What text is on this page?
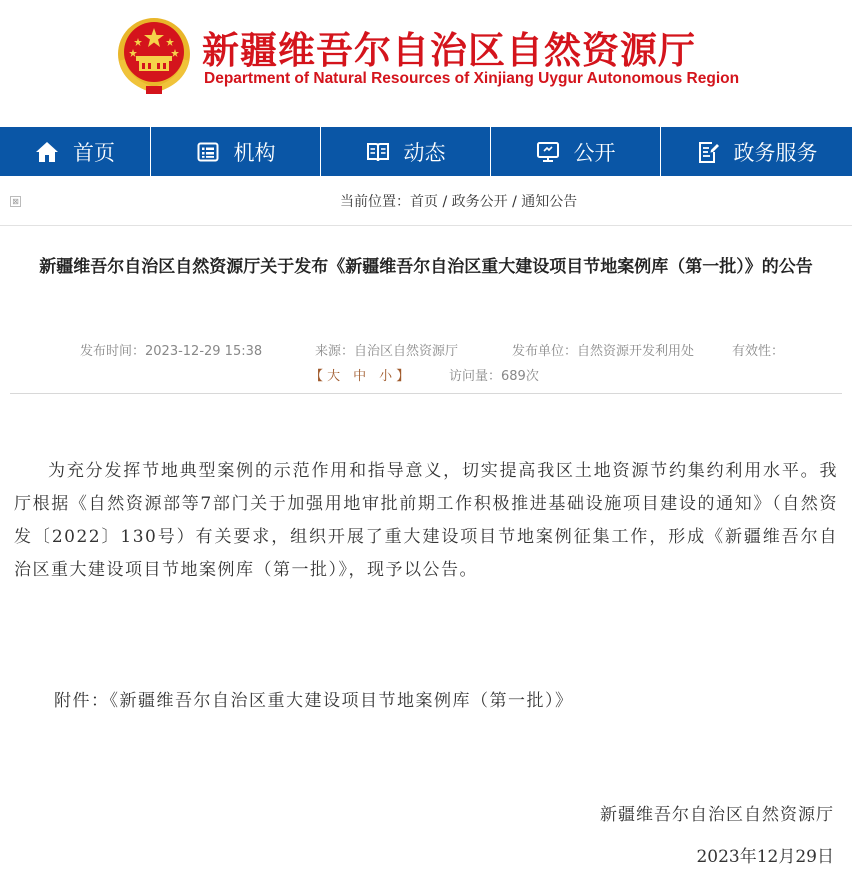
新疆维吾尔自治区自然资源厅
Department of Natural Resources of Xinjiang Uygur Autonomous Region
首页	机构	动态	公开	政务服务
⊠	当前位置：首页 / 政务公开 / 通知公告
新疆维吾尔自治区自然资源厅关于发布《新疆维吾尔自治区重大建设项目节地案例库（第一批）》的公告
发布时间：2023-12-29 15:38	来源：自治区自然资源厅	发布单位：自然资源开发利用处	有效性：
【 大　中　小 】	访问量：689次
为充分发挥节地典型案例的示范作用和指导意义，切实提高我区土地资源节约集约利用水平。我厅根据《自然资源部等7部门关于加强用地审批前期工作积极推进基础设施项目建设的通知》（自然资发〔2022〕130号）有关要求，组织开展了重大建设项目节地案例征集工作，形成《新疆维吾尔自治区重大建设项目节地案例库（第一批）》，现予以公告。
附件：《新疆维吾尔自治区重大建设项目节地案例库（第一批）》
新疆维吾尔自治区自然资源厅
2023年12月29日
